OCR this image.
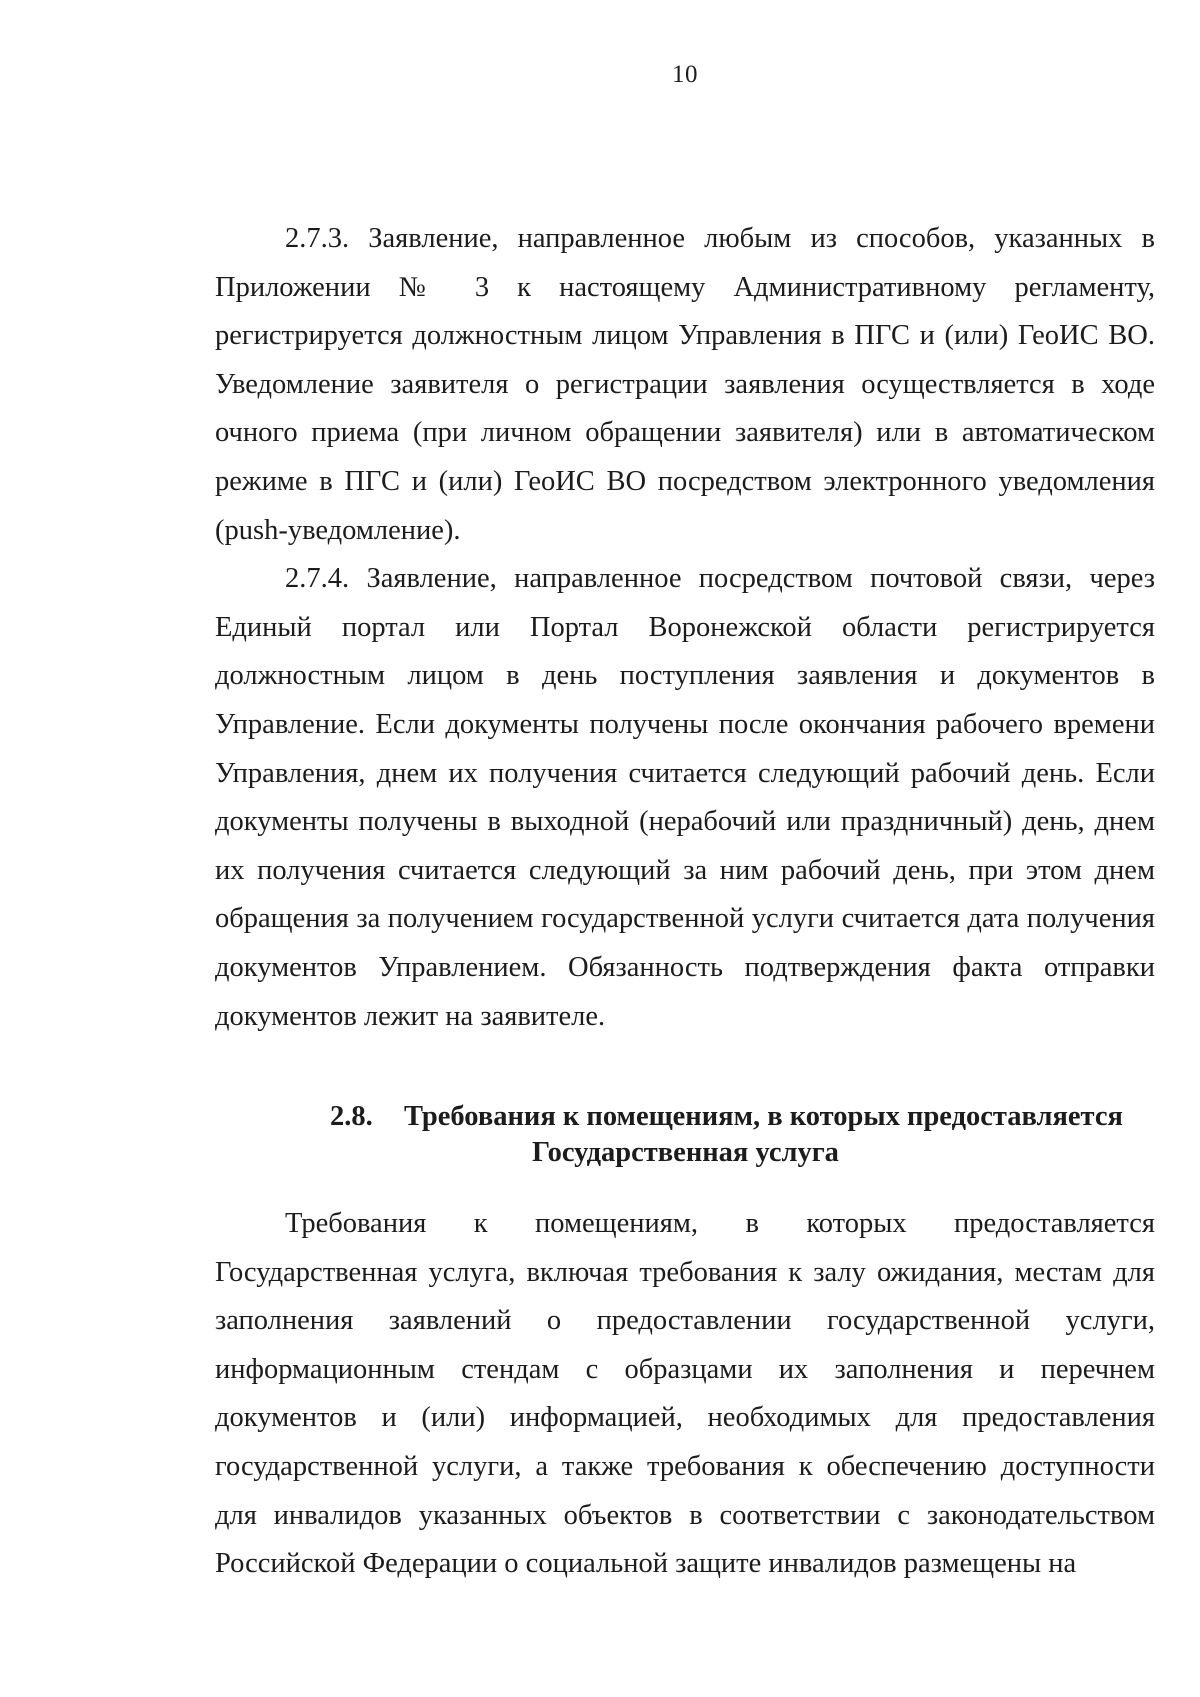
10

2.7.3. Заявление, направленное любым из способов, указанных в Приложении № 3 к настоящему Административному регламенту, регистрируется должностным лицом Управления в ПГС и (или) ГеоИС ВО. Уведомление заявителя о регистрации заявления осуществляется в ходе очного приема (при личном обращении заявителя) или в автоматическом режиме в ПГС и (или) ГеоИС ВО посредством электронного уведомления (push-уведомление).

2.7.4. Заявление, направленное посредством почтовой связи, через Единый портал или Портал Воронежской области регистрируется должностным лицом в день поступления заявления и документов в Управление. Если документы получены после окончания рабочего времени Управления, днем их получения считается следующий рабочий день. Если документы получены в выходной (нерабочий или праздничный) день, днем их получения считается следующий за ним рабочий день, при этом днем обращения за получением государственной услуги считается дата получения документов Управлением. Обязанность подтверждения факта отправки документов лежит на заявителе.

2.8. Требования к помещениям, в которых предоставляется
Государственная услуга

Требования к помещениям, в которых предоставляется Государственная услуга, включая требования к залу ожидания, местам для заполнения заявлений о предоставлении государственной услуги, информационным стендам с образцами их заполнения и перечнем документов и (или) информацией, необходимых для предоставления государственной услуги, а также требования к обеспечению доступности для инвалидов указанных объектов в соответствии с законодательством Российской Федерации о социальной защите инвалидов размещены на
